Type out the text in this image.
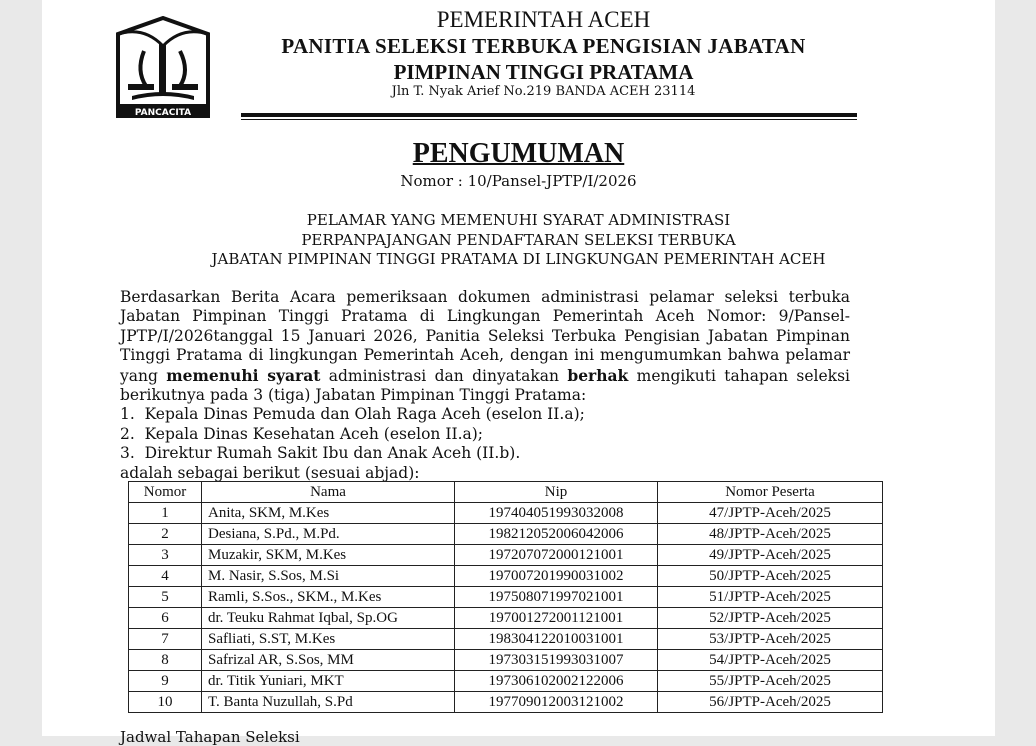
PANCACITA
PEMERINTAH ACEH
PANITIA SELEKSI TERBUKA PENGISIAN JABATAN
PIMPINAN TINGGI PRATAMA
Jln T. Nyak Arief No.219 BANDA ACEH 23114
PENGUMUMAN
Nomor : 10/Pansel-JPTP/I/2026
PELAMAR YANG MEMENUHI SYARAT ADMINISTRASI
PERPANPAJANGAN PENDAFTARAN SELEKSI TERBUKA
JABATAN PIMPINAN TINGGI PRATAMA DI LINGKUNGAN PEMERINTAH ACEH

Berdasarkan Berita Acara pemeriksaan dokumen administrasi pelamar seleksi terbuka Jabatan Pimpinan Tinggi Pratama di Lingkungan Pemerintah Aceh Nomor: 9/Pansel-JPTP/I/2026tanggal 15 Januari 2026, Panitia Seleksi Terbuka Pengisian Jabatan Pimpinan Tinggi Pratama di lingkungan Pemerintah Aceh, dengan ini mengumumkan bahwa pelamar yang memenuhi syarat administrasi dan dinyatakan berhak mengikuti tahapan seleksi berikutnya pada 3 (tiga) Jabatan Pimpinan Tinggi Pratama:

1.  Kepala Dinas Pemuda dan Olah Raga Aceh (eselon II.a);

2.  Kepala Dinas Kesehatan Aceh (eselon II.a);

3.  Direktur Rumah Sakit Ibu dan Anak Aceh (II.b).

adalah sebagai berikut (sesuai abjad):

Nomor	Nama	Nip	Nomor Peserta
1	Anita, SKM, M.Kes	197404051993032008	47/JPTP-Aceh/2025
2	Desiana, S.Pd., M.Pd.	198212052006042006	48/JPTP-Aceh/2025
3	Muzakir, SKM, M.Kes	197207072000121001	49/JPTP-Aceh/2025
4	M. Nasir, S.Sos, M.Si	197007201990031002	50/JPTP-Aceh/2025
5	Ramli, S.Sos., SKM., M.Kes	197508071997021001	51/JPTP-Aceh/2025
6	dr. Teuku Rahmat Iqbal, Sp.OG	197001272001121001	52/JPTP-Aceh/2025
7	Safliati, S.ST, M.Kes	198304122010031001	53/JPTP-Aceh/2025
8	Safrizal AR, S.Sos, MM	197303151993031007	54/JPTP-Aceh/2025
9	dr. Titik Yuniari, MKT	197306102002122006	55/JPTP-Aceh/2025
10	T. Banta Nuzullah, S.Pd	197709012003121002	56/JPTP-Aceh/2025
Jadwal Tahapan Seleksi
